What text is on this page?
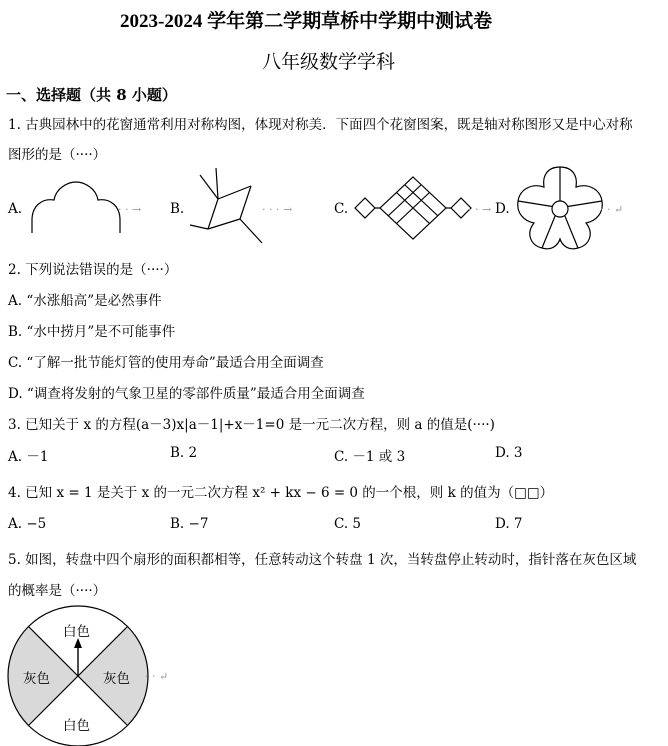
2023-2024 学年第二学期草桥中学期中测试卷
八年级数学学科
一、选择题（共 8 小题）
1. 古典园林中的花窗通常利用对称构图，体现对称美．下面四个花窗图案，既是轴对称图形又是中心对称
图形的是（····）
A.	· · → B.	· · · →	C.	· · → D.	· · ↵
2. 下列说法错误的是（····）
A. “水涨船高”是必然事件
B. “水中捞月”是不可能事件
C. “了解一批节能灯管的使用寿命”最适合用全面调查
D. “调查将发射的气象卫星的零部件质量”最适合用全面调查
3. 已知关于 x 的方程(a－3)x|a－1|+x－1=0 是一元二次方程，则 a 的值是(····)
A. －1	B. 2	C. －1 或 3	D. 3
4. 已知 x = 1 是关于 x 的一元二次方程 x² + kx − 6 = 0 的一个根，则 k 的值为（□□）
A. −5	B. −7	C. 5	D. 7
5. 如图，转盘中四个扇形的面积都相等，任意转动这个转盘 1 次，当转盘停止转动时，指针落在灰色区域
的概率是（····）
白色
灰色	灰色
白色
· · ↵
